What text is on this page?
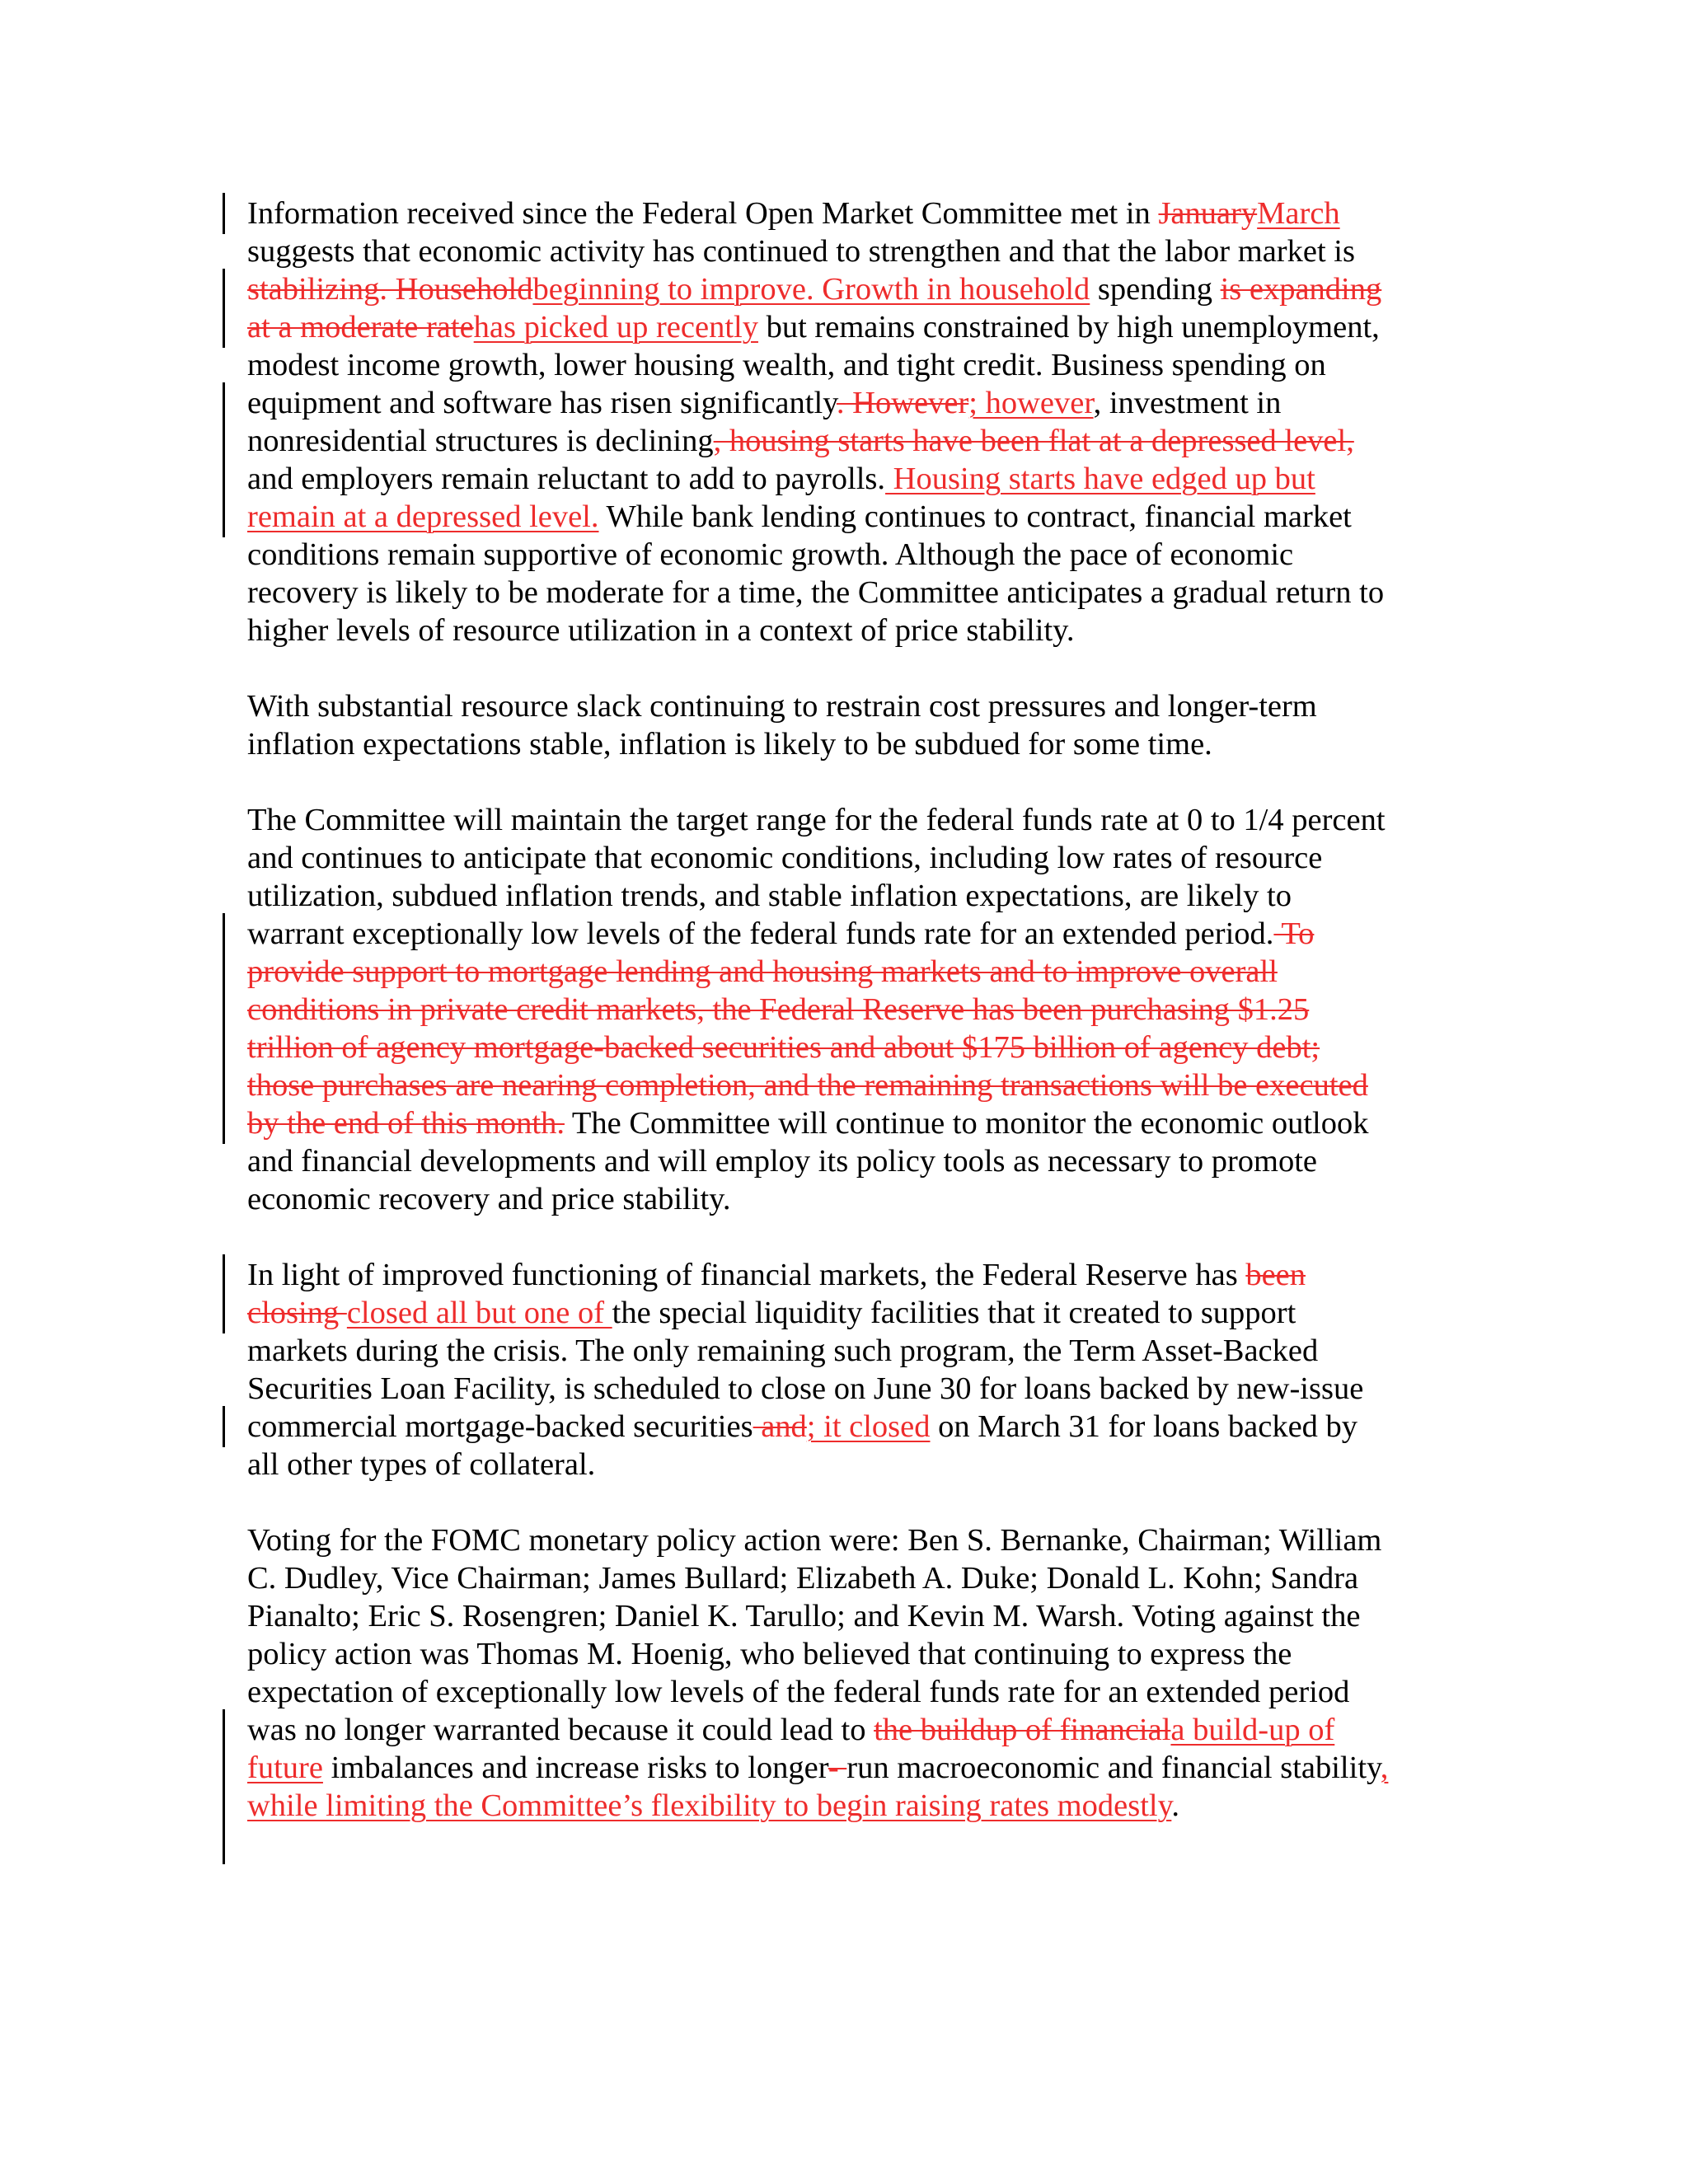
Information received since the Federal Open Market Committee met in JanuaryMarch
suggests that economic activity has continued to strengthen and that the labor market is
stabilizing. Householdbeginning to improve. Growth in household spending is expanding
at a moderate ratehas picked up recently but remains constrained by high unemployment,
modest income growth, lower housing wealth, and tight credit. Business spending on
equipment and software has risen significantly. However; however, investment in
nonresidential structures is declining, housing starts have been flat at a depressed level,
and employers remain reluctant to add to payrolls. Housing starts have edged up but
remain at a depressed level. While bank lending continues to contract, financial market
conditions remain supportive of economic growth. Although the pace of economic
recovery is likely to be moderate for a time, the Committee anticipates a gradual return to
higher levels of resource utilization in a context of price stability.
With substantial resource slack continuing to restrain cost pressures and longer-term
inflation expectations stable, inflation is likely to be subdued for some time.
The Committee will maintain the target range for the federal funds rate at 0 to 1/4 percent
and continues to anticipate that economic conditions, including low rates of resource
utilization, subdued inflation trends, and stable inflation expectations, are likely to
warrant exceptionally low levels of the federal funds rate for an extended period. To
provide support to mortgage lending and housing markets and to improve overall
conditions in private credit markets, the Federal Reserve has been purchasing $1.25
trillion of agency mortgage-backed securities and about $175 billion of agency debt;
those purchases are nearing completion, and the remaining transactions will be executed
by the end of this month. The Committee will continue to monitor the economic outlook
and financial developments and will employ its policy tools as necessary to promote
economic recovery and price stability.
In light of improved functioning of financial markets, the Federal Reserve has been
closing closed all but one of the special liquidity facilities that it created to support
markets during the crisis. The only remaining such program, the Term Asset-Backed
Securities Loan Facility, is scheduled to close on June 30 for loans backed by new-issue
commercial mortgage-backed securities and; it closed on March 31 for loans backed by
all other types of collateral.
Voting for the FOMC monetary policy action were: Ben S. Bernanke, Chairman; William
C. Dudley, Vice Chairman; James Bullard; Elizabeth A. Duke; Donald L. Kohn; Sandra
Pianalto; Eric S. Rosengren; Daniel K. Tarullo; and Kevin M. Warsh. Voting against the
policy action was Thomas M. Hoenig, who believed that continuing to express the
expectation of exceptionally low levels of the federal funds rate for an extended period
was no longer warranted because it could lead to the buildup of financiala build-up of
future imbalances and increase risks to longer- run macroeconomic and financial stability,
while limiting the Committee’s flexibility to begin raising rates modestly.
